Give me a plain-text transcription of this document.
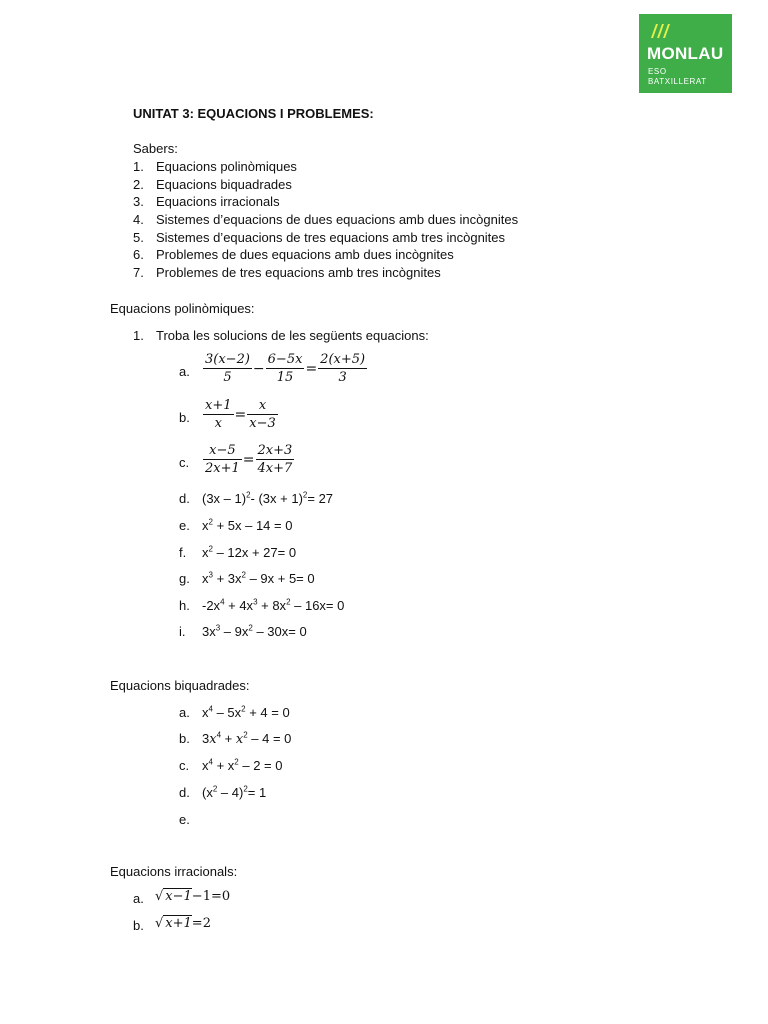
MONLAU
ESO
BATXILLERAT
UNITAT 3: EQUACIONS I PROBLEMES:
Sabers:
1. Equacions polinòmiques
2. Equacions biquadrades
3. Equacions irracionals
4. Sistemes d’equacions de dues equacions amb dues incògnites
5. Sistemes d’equacions de tres equacions amb tres incògnites
6. Problemes de dues equacions amb dues incògnites
7. Problemes de tres equacions amb tres incògnites
Equacions polinòmiques:
1. Troba les solucions de les següents equacions:
a. $\frac{3(x-2)}{5} - \frac{6-5x}{15} = \frac{2(x+5)}{3}$
b. $\frac{x+1}{x} = \frac{x}{x-3}$
c. $\frac{x-5}{2x+1} = \frac{2x+3}{4x+7}$
d. (3x – 1)$^2$- $(3x + 1)^2= 27$
e. $x^2 + 5x - 14 = 0$
f. $x^2 - 12x + 27= 0$
g. $x^3 + 3x^2 - 9x + 5= 0$
h. $-2x^4 + 4x^3 + 8x^2 - 16x= 0$
i. $3x^3 - 9x^2 - 30x= 0$
Equacions biquadrades:
a. $x^4 - 5x^2 + 4 = 0$
b. $3x^4 + x^2 - 4 = 0$
c. $x^4 + x^2 - 2 = 0$
d. $(x^2 - 4)^2= 1$
e.
Equacions irracionals:
a. √ x−1−1=0
b. √ x+1=2
